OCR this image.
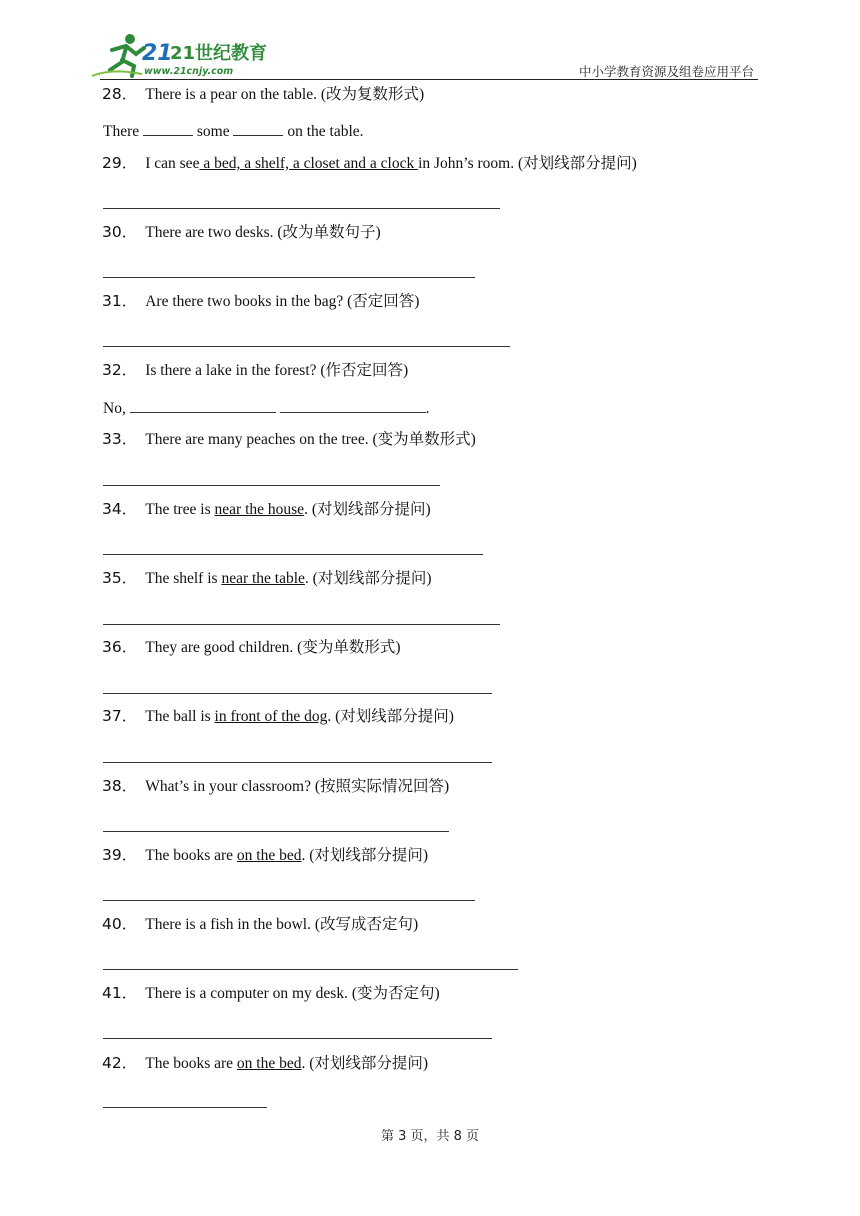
21
21世纪教育
www.21cnjy.com	中小学教育资源及组卷应用平台
28． There is a pear on the table. (改为复数形式)
29． I can see a bed, a shelf, a closet and a clock in John’s room. (对划线部分提问)
30． There are two desks. (改为单数句子)
31． Are there two books in the bag? (否定回答)
32． Is there a lake in the forest? (作否定回答)
33． There are many peaches on the tree. (变为单数形式)
34． The tree is near the house. (对划线部分提问)
35． The shelf is near the table. (对划线部分提问)
36． They are good children. (变为单数形式)
37． The ball is in front of the dog. (对划线部分提问)
38． What’s in your classroom? (按照实际情况回答)
39． The books are on the bed. (对划线部分提问)
40． There is a fish in the bowl. (改写成否定句)
41． There is a computer on my desk. (变为否定句)
42． The books are on the bed. (对划线部分提问)
There	some	on the table.
No,	.
第 3 页，共 8 页
